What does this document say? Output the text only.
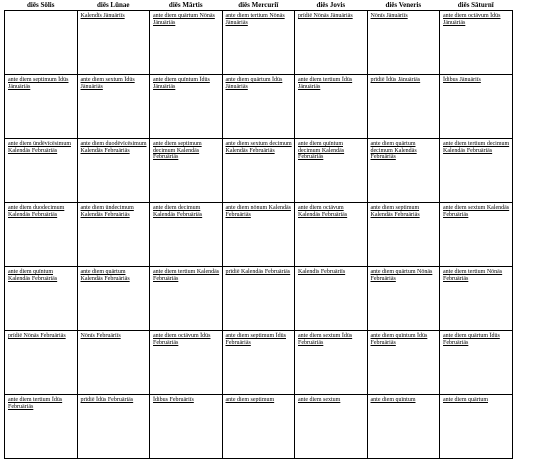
diēs Sōlis	diēs Lūnae	diēs Mārtis	diēs Mercuriī	diēs Jovis	diēs Veneris	diēs Sāturnī

	Kalendīs Jānuāriīs	ante diem quārtum Nōnās Jānuāriās	ante diem tertium Nōnās Jānuāriās	prīdiē Nōnās Jānuāriās	Nōnīs Jānuāriīs	ante diem octāvum Īdūs Jānuāriās

ante diem septimum Īdūs Jānuāriās	ante diem sextum Īdūs Jānuāriās	ante diem quīntum Īdūs Jānuāriās	ante diem quārtum Īdūs Jānuāriās	ante diem tertium Īdūs Jānuāriās	prīdiē Īdūs Jānuāriās	Īdibus Jānuāriīs

ante diem ūndēvīcēsimum Kalendās Februāriās	ante diem duodēvīcēsimum Kalendās Februāriās	ante diem septimum decimum Kalendās Februāriās	ante diem sextum decimum Kalendās Februāriās	ante diem quīntum decimum Kalendās Februāriās	ante diem quārtum decimum Kalendās Februāriās	ante diem tertium decimum Kalendās Februāriās

ante diem duodecimum Kalendās Februāriās	ante diem ūndecimum Kalendās Februāriās	ante diem decimum Kalendās Februāriās	ante diem nōnum Kalendās Februāriās	ante diem octāvum Kalendās Februāriās	ante diem septimum Kalendās Februāriās	ante diem sextum Kalendās Februāriās

ante diem quīntum Kalendās Februāriās	ante diem quārtum Kalendās Februāriās	ante diem tertium Kalendās Februāriās	prīdiē Kalendās Februāriās	Kalendīs Februāriīs	ante diem quārtum Nōnās Februāriās	ante diem tertium Nōnās Februāriās

prīdiē Nōnās Februāriās	Nōnīs Februāriīs	ante diem octāvum Īdūs Februāriās	ante diem septimum Īdūs Februāriās	ante diem sextum Īdūs Februāriās	ante diem quīntum Īdūs Februāriās	ante diem quārtum Īdūs Februāriās

ante diem tertium Īdūs Februāriās	prīdiē Īdūs Februāriās	Īdibus Februāriīs	ante diem septimum	ante diem sextum	ante diem quīntum	ante diem quārtum
